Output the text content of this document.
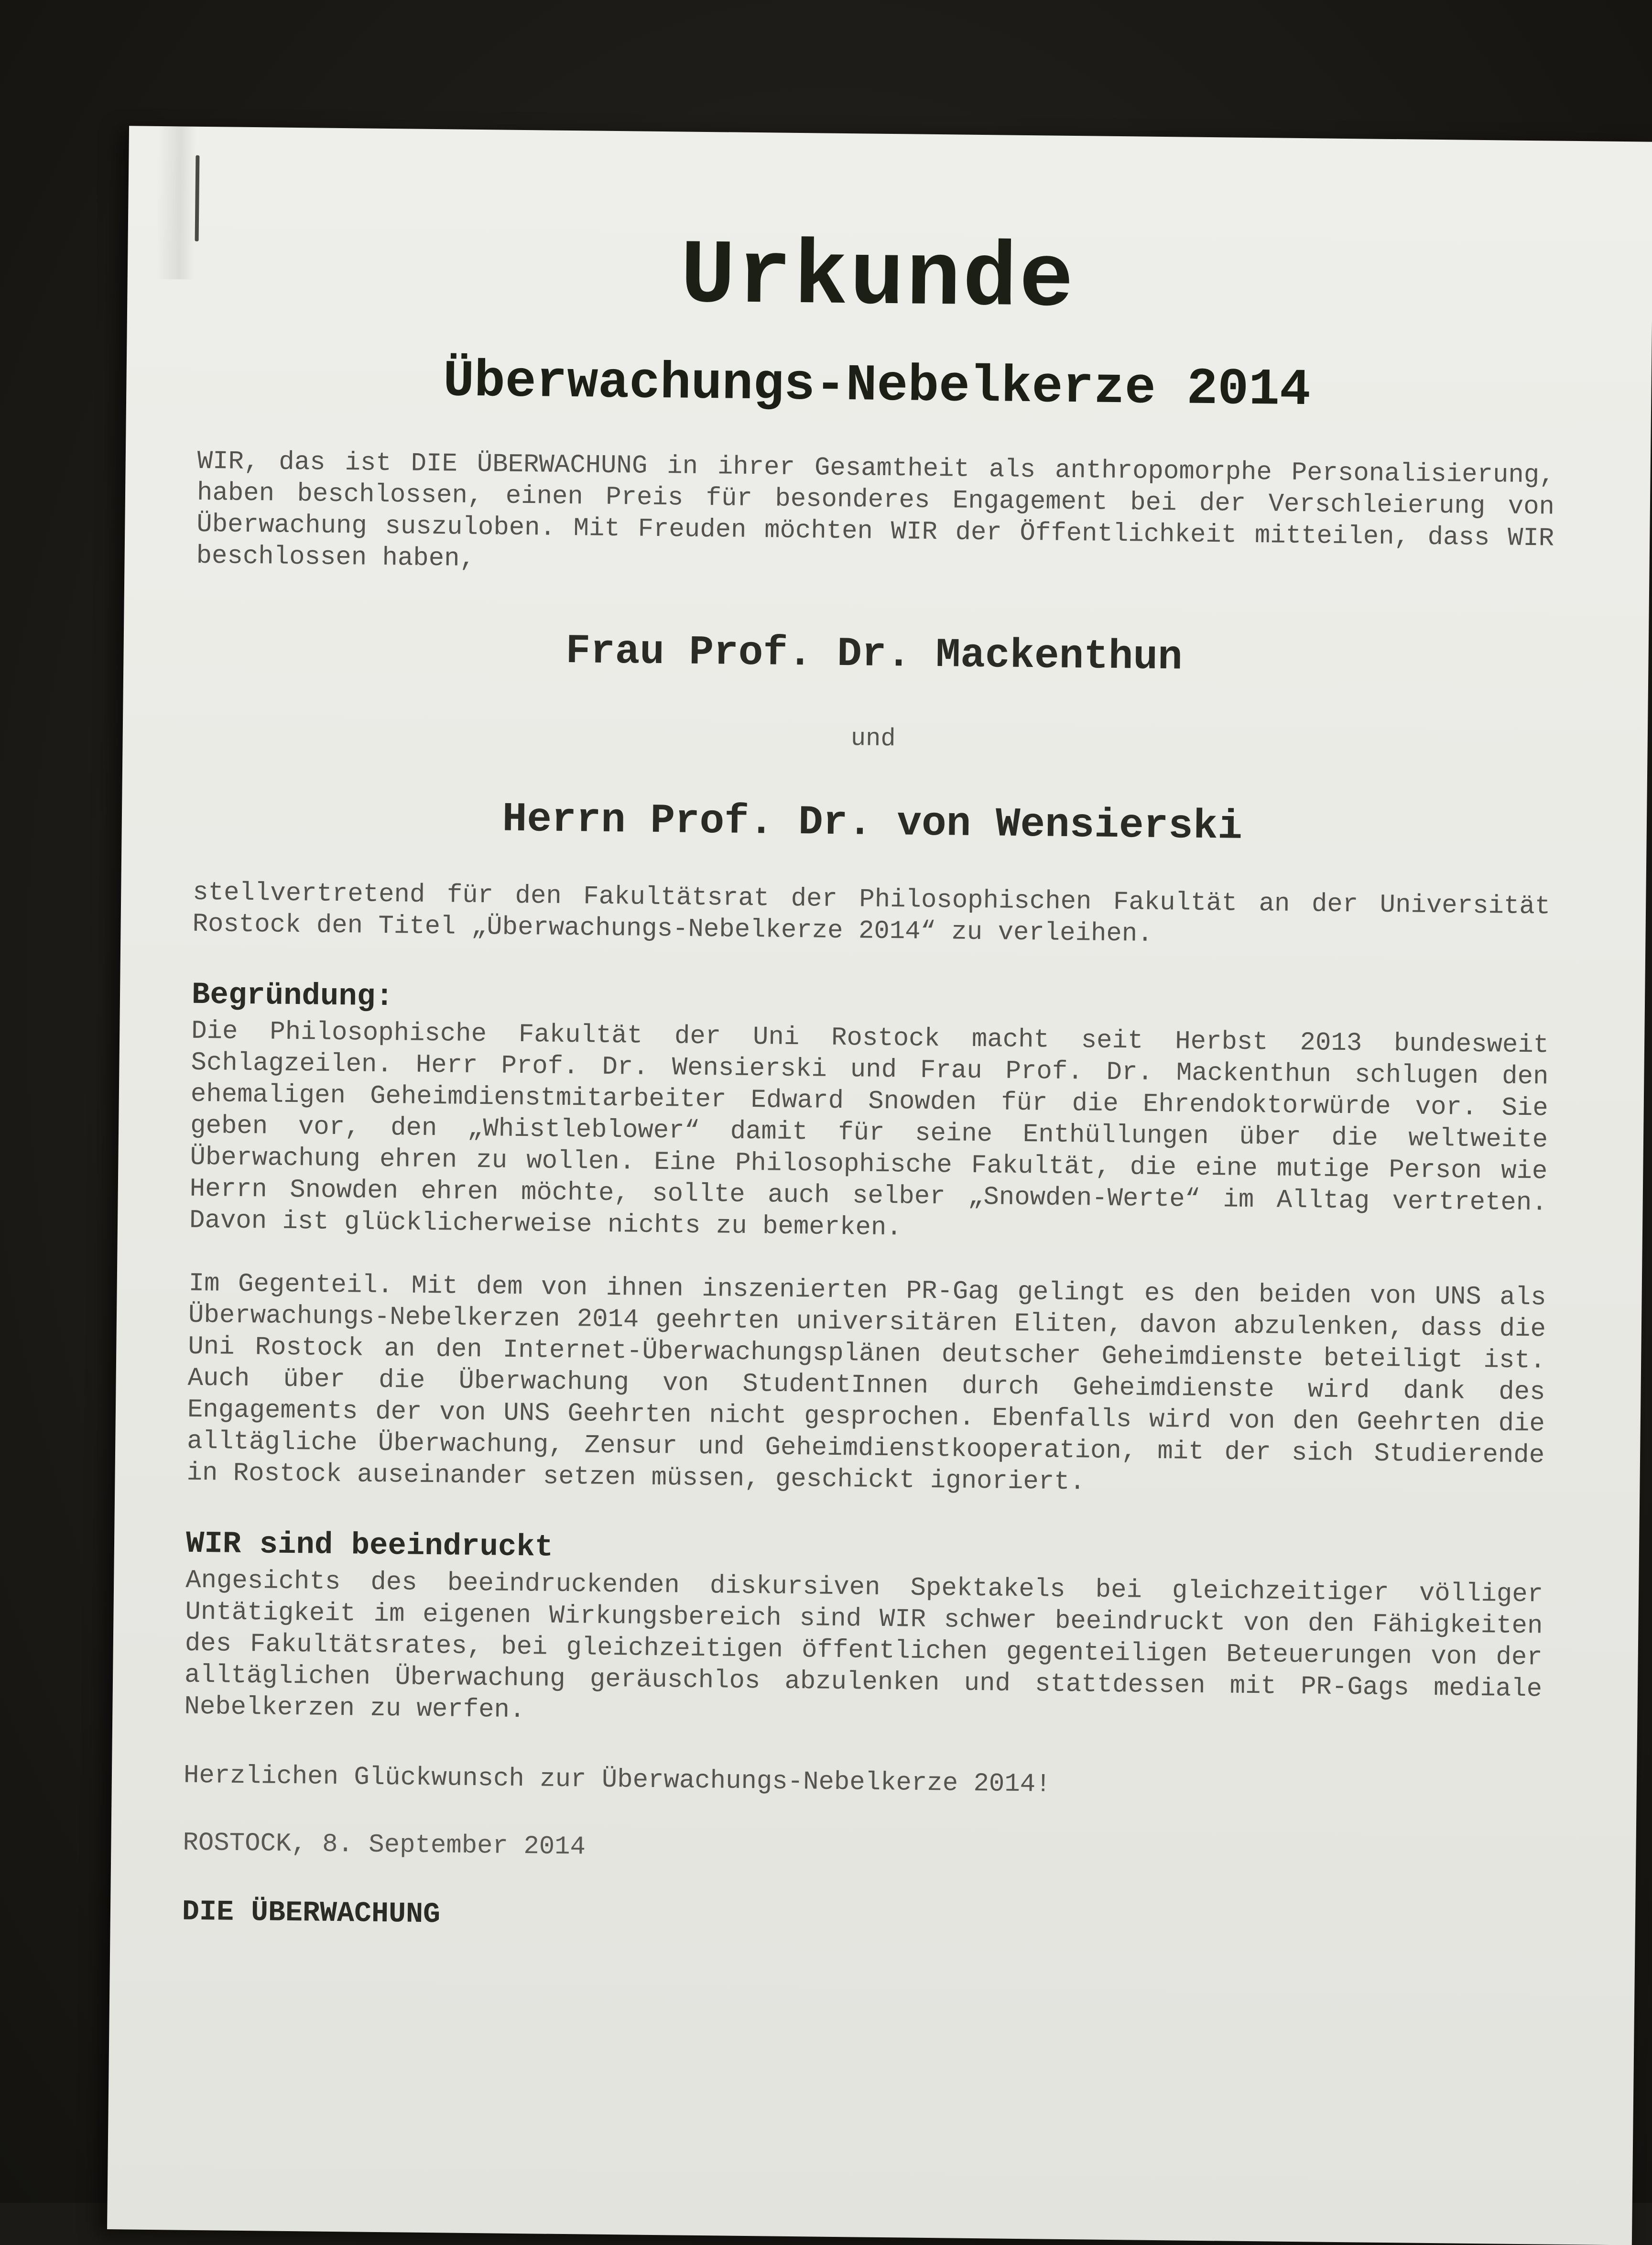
Urkunde
Überwachungs-Nebelkerze 2014

WIR, das ist DIE ÜBERWACHUNG in ihrer Gesamtheit als anthropomorphe Personalisierung, haben beschlossen, einen Preis für besonderes Engagement bei der Verschleierung von Überwachung suszuloben. Mit Freuden möchten WIR der Öffentlichkeit mitteilen, dass WIR beschlossen haben,

Frau Prof. Dr. Mackenthun
und
Herrn Prof. Dr. von Wensierski

stellvertretend für den Fakultätsrat der Philosophischen Fakultät an der Universität Rostock den Titel „Überwachungs-Nebelkerze 2014“ zu verleihen.

Begründung:

Die Philosophische Fakultät der Uni Rostock macht seit Herbst 2013 bundesweit Schlagzeilen. Herr Prof. Dr. Wensierski und Frau Prof. Dr. Mackenthun schlugen den ehemaligen Geheimdienstmitarbeiter Edward Snowden für die Ehrendoktorwürde vor. Sie geben vor, den „Whistleblower“ damit für seine Enthüllungen über die weltweite Überwachung ehren zu wollen. Eine Philosophische Fakultät, die eine mutige Person wie Herrn Snowden ehren möchte, sollte auch selber „Snowden-Werte“ im Alltag vertreten. Davon ist glücklicherweise nichts zu bemerken.

Im Gegenteil. Mit dem von ihnen inszenierten PR-Gag gelingt es den beiden von UNS als Überwachungs-Nebelkerzen 2014 geehrten universitären Eliten, davon abzulenken, dass die Uni Rostock an den Internet-Überwachungsplänen deutscher Geheimdienste beteiligt ist. Auch über die Überwachung von StudentInnen durch Geheimdienste wird dank des Engagements der von UNS Geehrten nicht gesprochen. Ebenfalls wird von den Geehrten die alltägliche Überwachung, Zensur und Geheimdienstkooperation, mit der sich Studierende in Rostock auseinander setzen müssen, geschickt ignoriert.

WIR sind beeindruckt

Angesichts des beeindruckenden diskursiven Spektakels bei gleichzeitiger völliger Untätigkeit im eigenen Wirkungsbereich sind WIR schwer beeindruckt von den Fähigkeiten des Fakultätsrates, bei gleichzeitigen öffentlichen gegenteiligen Beteuerungen von der alltäglichen Überwachung geräuschlos abzulenken und stattdessen mit PR-Gags mediale Nebelkerzen zu werfen.

Herzlichen Glückwunsch zur Überwachungs-Nebelkerze 2014!
ROSTOCK, 8. September 2014
DIE ÜBERWACHUNG
